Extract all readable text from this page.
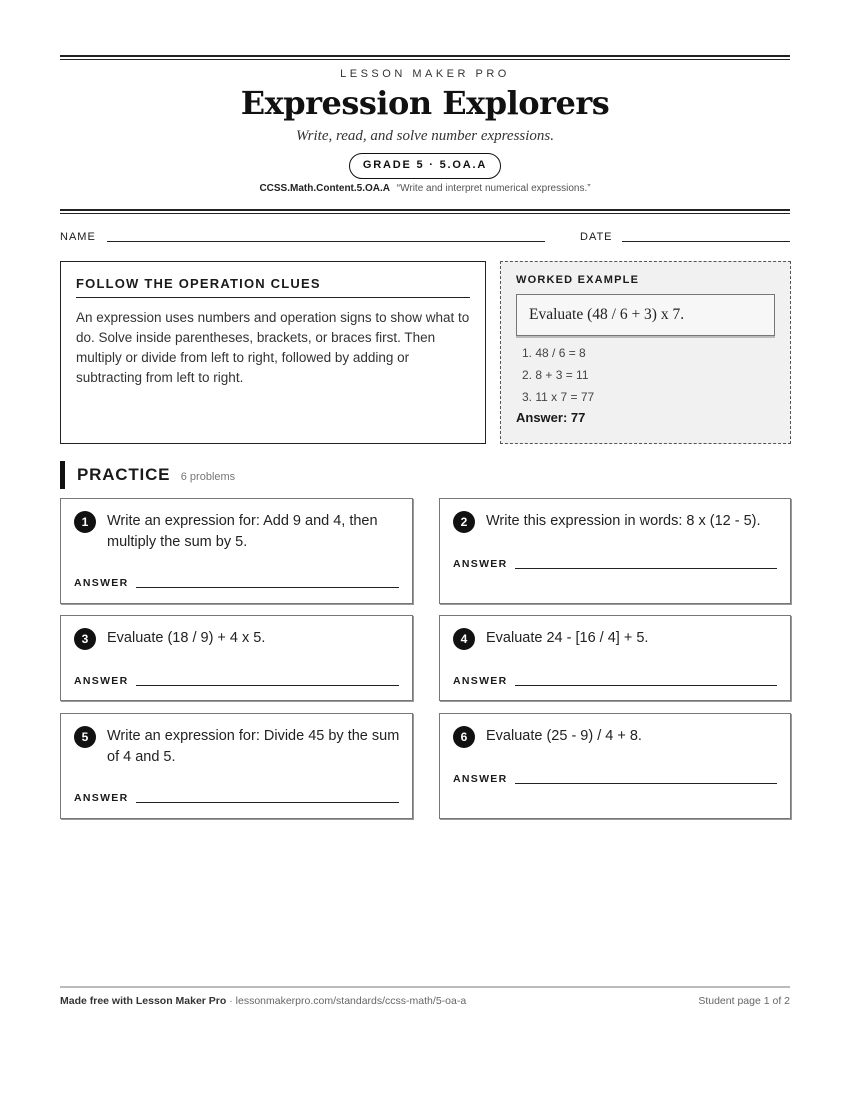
LESSON MAKER PRO
Expression Explorers
Write, read, and solve number expressions.
GRADE 5 · 5.OA.A
CCSS.Math.Content.5.OA.A “Write and interpret numerical expressions.”
NAME	DATE
FOLLOW THE OPERATION CLUES
An expression uses numbers and operation signs to show what to do. Solve inside parentheses, brackets, or braces first. Then multiply or divide from left to right, followed by adding or subtracting from left to right.
WORKED EXAMPLE
Evaluate (48 / 6 + 3) x 7.
1. 48 / 6 = 8
2. 8 + 3 = 11
3. 11 x 7 = 77
Answer: 77
PRACTICE 6 problems
1	Write an expression for: Add 9 and 4, then multiply the sum by 5.
ANSWER
2	Write this expression in words: 8 x (12 - 5).
ANSWER
3	Evaluate (18 / 9) + 4 x 5.
ANSWER
4	Evaluate 24 - [16 / 4] + 5.
ANSWER
5	Write an expression for: Divide 45 by the sum of 4 and 5.
ANSWER
6	Evaluate (25 - 9) / 4 + 8.
ANSWER
Made free with Lesson Maker Pro · lessonmakerpro.com/standards/ccss-math/5-oa-a	Student page 1 of 2
